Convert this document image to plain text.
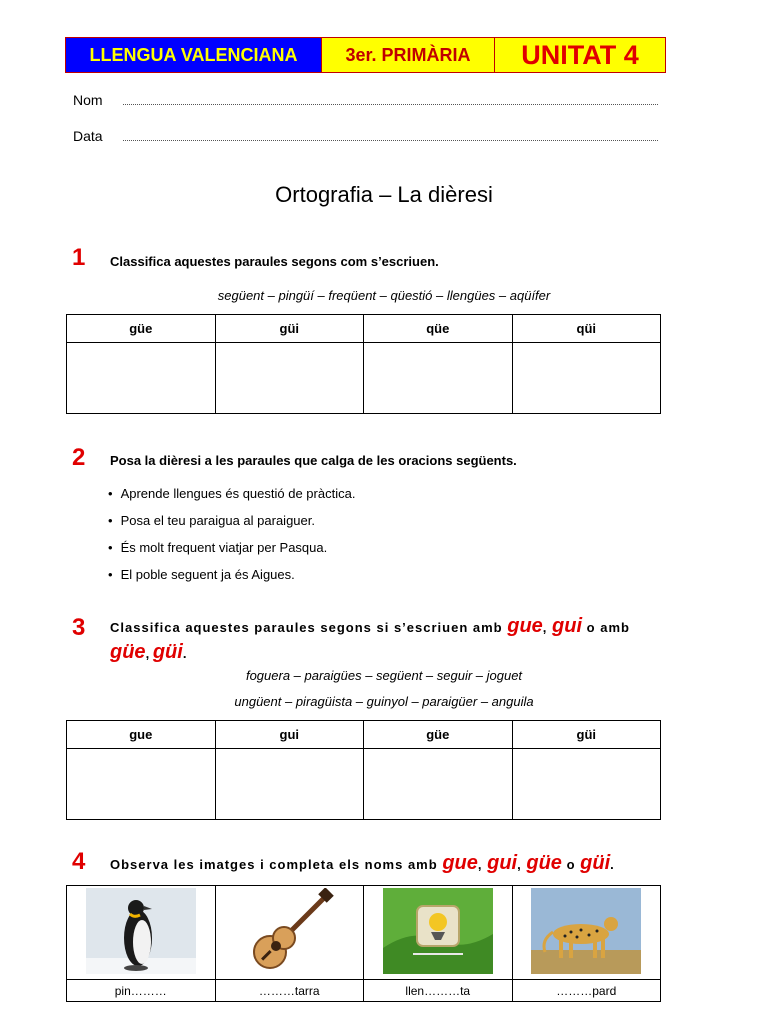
LLENGUA VALENCIANA	3er. PRIMÀRIA	UNITAT 4
Nom
Data
Ortografia – La dièresi
1 Classifica aquestes paraules segons com s’escriuen.
següent – pingüí – freqüent – qüestió – llengües – aqüífer
güe	güi	qüe	qüi

2 Posa la dièresi a les paraules que calga de les oracions següents.
• Aprende llengues és questió de pràctica.
• Posa el teu paraigua al paraiguer.
• És molt frequent viatjar per Pasqua.
• El poble seguent ja és Aigues.
3 Classifica aquestes paraules segons si s’escriuen amb gue, gui o amb
güe, güi.
foguera – paraigües – següent – seguir – joguet
ungüent – piragüista – guinyol – paraigüer – anguila
gue	gui	güe	güi

4 Observa les imatges i completa els noms amb gue, gui, güe o güi.

pin………	………tarra	llen………ta	………pard
